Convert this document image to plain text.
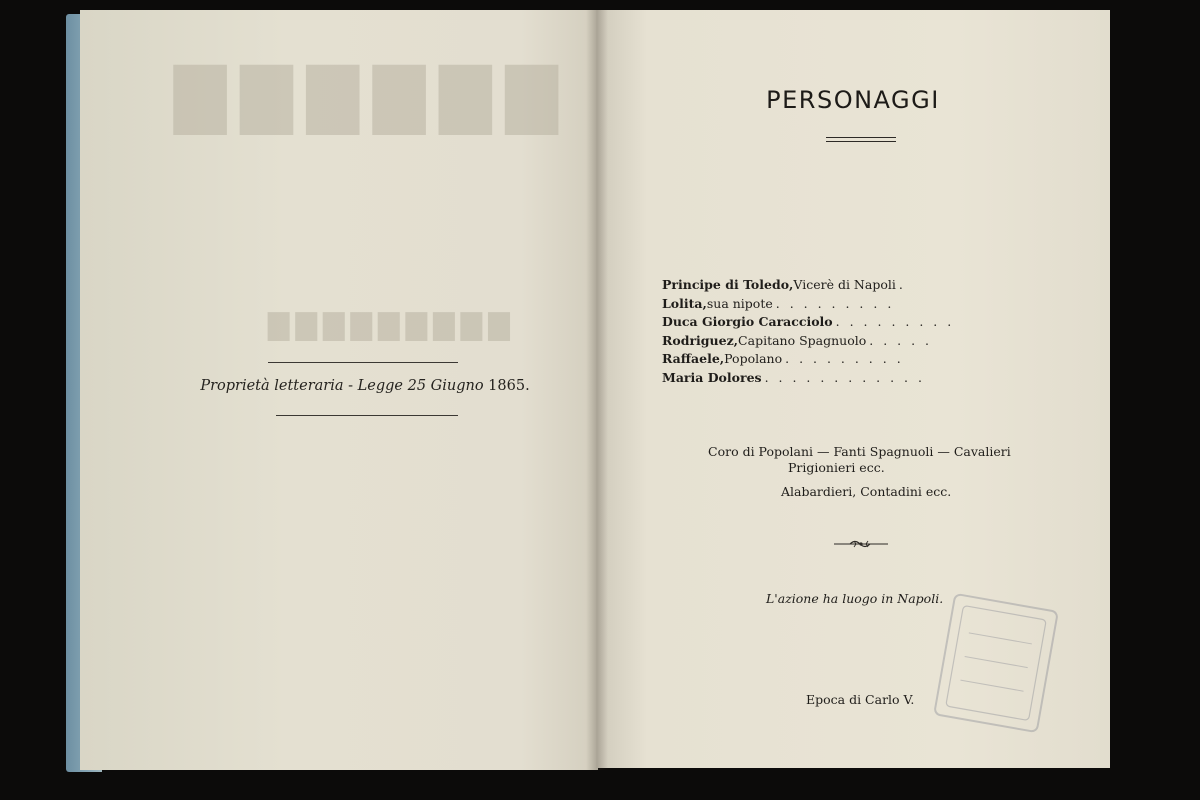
▇▇▇▇▇▇
▇▇▇▇▇▇▇▇▇
Proprietà letteraria - Legge 25 Giugno 1865.
PERSONAGGI
Principe di Toledo, Vicerè di Napoli .
Lolita, sua nipote . . . . . . . . .
Duca Giorgio Caracciolo . . . . . . . . .
Rodriguez, Capitano Spagnuolo . . . . .
Raffaele, Popolano . . . . . . . . .
Maria Dolores . . . . . . . . . . . .
Coro di Popolani — Fanti Spagnuoli — Cavalieri
Prigionieri ecc.
Alabardieri, Contadini ecc.
L'azione ha luogo in Napoli.
Epoca di Carlo V.
